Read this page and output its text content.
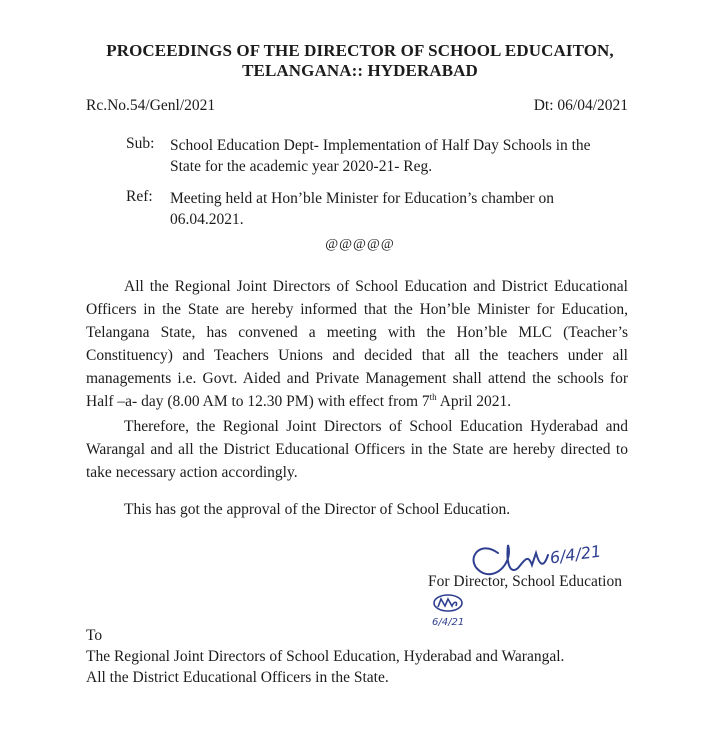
PROCEEDINGS OF THE DIRECTOR OF SCHOOL EDUCAITON,
TELANGANA:: HYDERABAD
Rc.No.54/Genl/2021	Dt: 06/04/2021
Sub: School Education Dept- Implementation of Half Day Schools in the State for the academic year 2020-21- Reg.
Ref: Meeting held at Hon’ble Minister for Education’s chamber on 06.04.2021.
@@@@@
All the Regional Joint Directors of School Education and District Educational Officers in the State are hereby informed that the Hon’ble Minister for Education, Telangana State, has convened a meeting with the Hon’ble MLC (Teacher’s Constituency) and Teachers Unions and decided that all the teachers under all managements i.e. Govt. Aided and Private Management shall attend the schools for Half –a- day (8.00 AM to 12.30 PM) with effect from 7th April 2021.
Therefore, the Regional Joint Directors of School Education Hyderabad and Warangal and all the District Educational Officers in the State are hereby directed to take necessary action accordingly.
This has got the approval of the Director of School Education.
6/4/21
For Director, School Education
6/4/21
To
The Regional Joint Directors of School Education, Hyderabad and Warangal.
All the District Educational Officers in the State.
